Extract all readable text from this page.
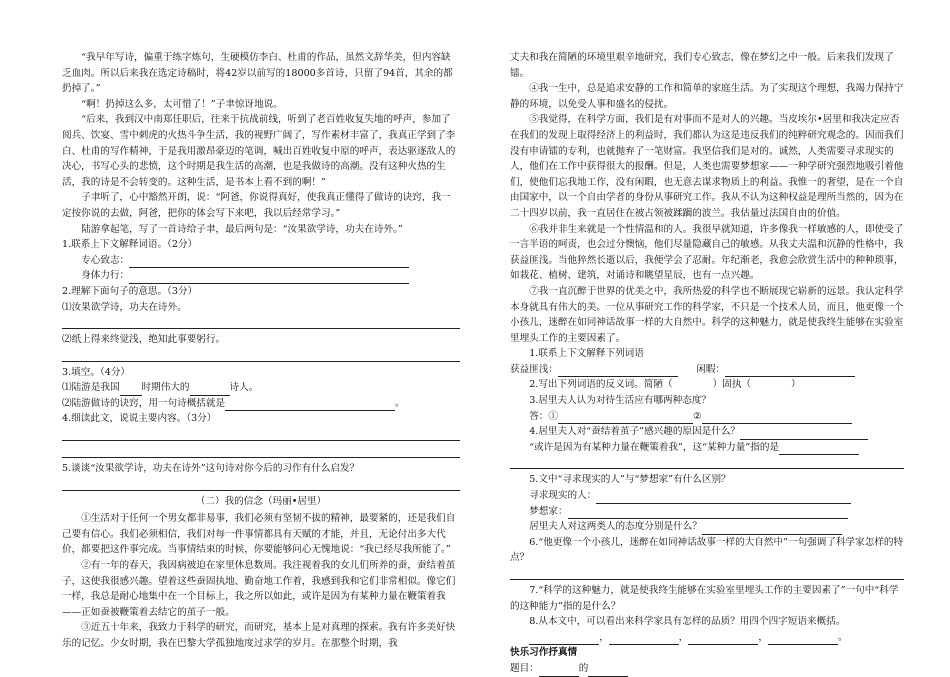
“我早年写诗，偏重于练字炼句，生硬模仿李白、杜甫的作品，虽然文辞华美，但内容缺乏血肉。所以后来我在选定诗稿时，将42岁以前写的18000多首诗，只留了94首，其余的都扔掉了。”

“啊！扔掉这么多，太可惜了！”子聿惊讶地说。

“后来，我到汉中南郑任职后，往来于抗战前线，听到了老百姓收复失地的呼声，参加了阅兵、饮宴、雪中刺虎的火热斗争生活，我的视野广阔了，写作素材丰富了，我真正学到了李白、杜甫的写作精神，于是我用激昂豪迈的笔调，喊出百姓收复中原的呼声，表达驱逐敌人的决心，书写心头的悲愤，这个时期是我生活的高潮，也是我做诗的高潮。没有这种火热的生活，我的诗是不会转变的。这种生活，是书本上看不到的啊！”

子聿听了，心中豁然开朗，说：“阿爸，你说得真好，使我真正懂得了做诗的诀窍，我一定按你说的去做，阿爸，把你的体会写下来吧，我以后经常学习。”

陆游拿起笔，写了一首诗给子聿，最后两句是：“汝果欲学诗，功夫在诗外。”

1.联系上下文解释词语。（2分）

专心致志：

身体力行：

2.理解下面句子的意思。（3分）

⑴汝果欲学诗，功夫在诗外。

⑵纸上得来终觉浅，绝知此事要躬行。

3.填空。（4分）

⑴陆游是我国 时期伟大的	诗人。

⑵陆游做诗的诀窍，用一句诗概括就是	。

4.细读此文，说说主要内容。（3分）

5.谈谈“汝果欲学诗，功夫在诗外”这句诗对你今后的习作有什么启发？

（二）我的信念（玛丽•居里）

①生活对于任何一个男女都非易事，我们必须有坚韧不拔的精神，最要紧的，还是我们自己要有信心。我们必须相信，我们对每一件事情都具有天赋的才能，并且，无论付出多大代价，都要把这件事完成。当事情结束的时候，你要能够问心无愧地说：“我已经尽我所能了。”

②有一年的春天，我因病被迫在家里休息数周。我注视着我的女儿们所养的蚕，蚕结着茧子，这使我很感兴趣。望着这些蚕固执地、勤奋地工作着，我感到我和它们非常相似。像它们一样，我总是耐心地集中在一个目标上，我之所以如此，或许是因为有某种力量在鞭策着我——正如蚕被鞭策着去结它的茧子一般。

③近五十年来，我致力于科学的研究，而研究，基本上是对真理的探索。我有许多美好快乐的记忆。少女时期，我在巴黎大学孤独地度过求学的岁月。在那整个时期，我

丈夫和我在简陋的环境里艰辛地研究，我们专心致志，像在梦幻之中一般。后来我们发现了镭。

④我一生中，总是追求安静的工作和简单的家庭生活。为了实现这个理想，我竭力保持宁静的环境，以免受人事和盛名的侵扰。

⑤我觉得，在科学方面，我们是有对事而不是对人的兴趣。当皮埃尔•居里和我决定应否在我们的发现上取得经济上的利益时，我们都认为这是违反我们的纯粹研究观念的。因而我们没有申请镭的专利，也就抛弃了一笔财富。我坚信我们是对的。诚然，人类需要寻求现实的人，他们在工作中获得很大的报酬。但是，人类也需要梦想家——一种学研究强烈地吸引着他们，使他们忘我地工作，没有闲暇，也无意去谋求物质上的利益。我惟一的奢望，是在一个自由国家中，以一个自由学者的身份从事研究工作。我从不认为这种权益是理所当然的，因为在二十四岁以前，我一直居住在被占领被蹂躏的波兰。我估量过法国自由的价值。

⑥我并非生来就是一个性情温和的人。我很早就知道，许多像我一样敏感的人，即使受了一言半语的呵责，也会过分懊恼，他们尽量隐藏自己的敏感。从我丈夫温和沉静的性格中，我获益匪浅。当他猝然长逝以后，我便学会了忍耐。年纪渐老，我愈会欣赏生活中的种种琐事，如栽花、植树、建筑，对诵诗和眺望星辰，也有一点兴趣。

⑦我一直沉醉于世界的优美之中，我所热爱的科学也不断展现它崭新的远景。我认定科学本身就具有伟大的美。一位从事研究工作的科学家，不只是一个技术人员，而且，他更像一个小孩儿，迷醉在如同神话故事一样的大自然中。科学的这种魅力，就是使我终生能够在实验室里埋头工作的主要因素了。

1.联系上下文解释下列词语

获益匪浅：	闲暇：

2.写出下列词语的反义词。简陋（	）固执（	）

3.居里夫人认为对待生活应有哪两种态度？

答：①	②

4.居里夫人对“蚕结着茧子”感兴趣的原因是什么？

“或许是因为有某种力量在鞭策着我”，这“某种力量”指的是

5.文中“寻求现实的人”与“梦想家”有什么区别？

寻求现实的人：

梦想家：

居里夫人对这两类人的态度分别是什么？

6.“他更像一个小孩儿，迷醉在如同神话故事一样的大自然中”一句强调了科学家怎样的特点？

7.“科学的这种魅力，就是使我终生能够在实验室里埋头工作的主要因素了”一句中“科学的这种能力”指的是什么？

8.从本文中，可以看出来科学家具有怎样的品质？用四个四字短语来概括。

，	，	，	。

快乐习作抒真情

题目：	的
